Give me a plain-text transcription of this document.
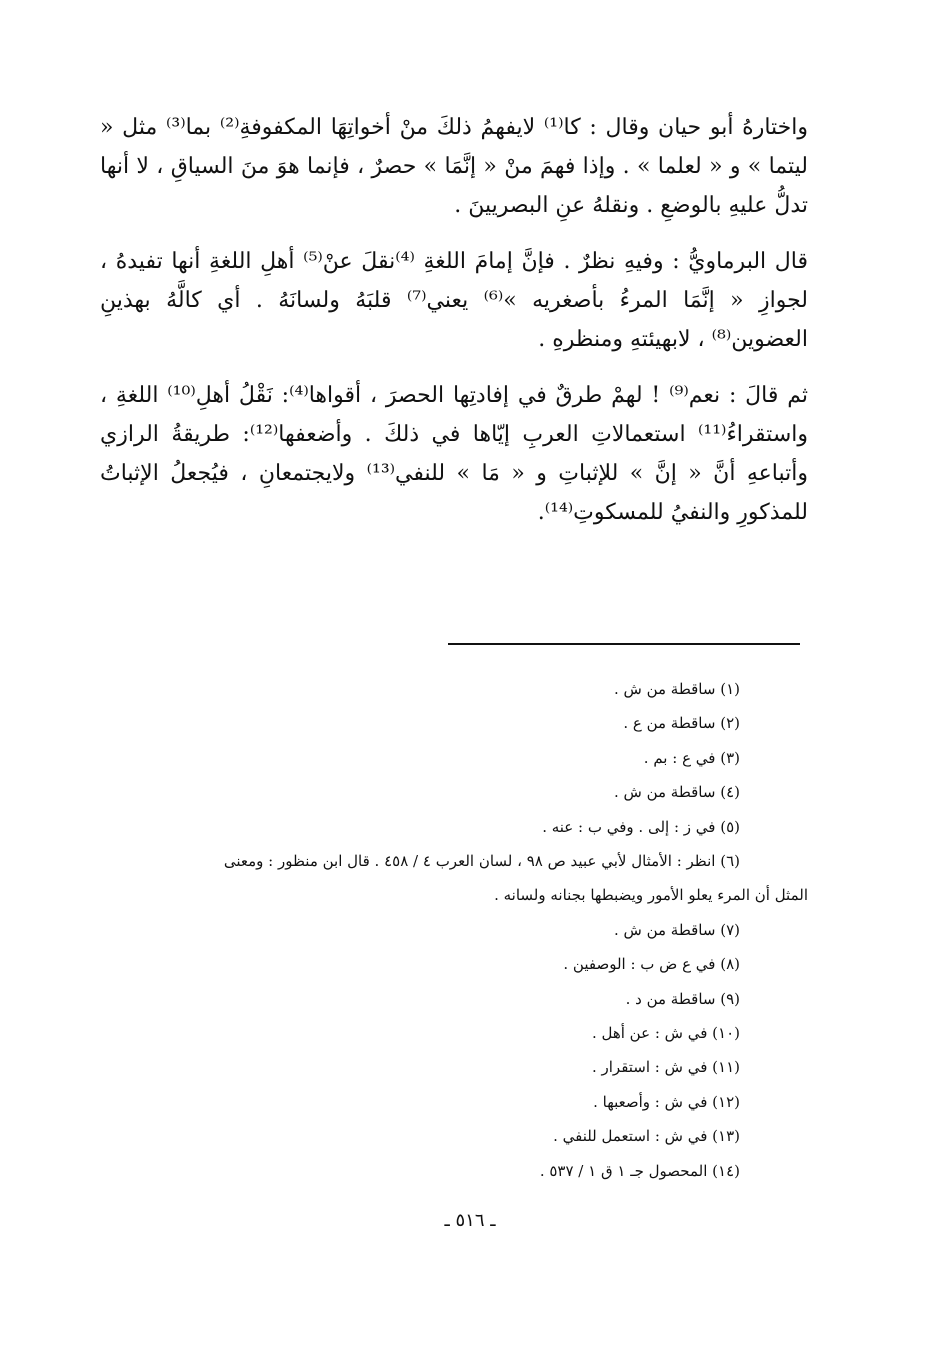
واختارهُ أبو حيان وقال : كا⁽¹⁾ لايفهمُ ذلكَ منْ أخواتِهَا المكفوفةِ⁽²⁾ بما⁽³⁾ مثل « ليتما » و « لعلما » . وإذا فهمَ منْ « إنَّمَا » حصرٌ ، فإنما هوَ منَ السياقِ ، لا أنها تدلُّ عليهِ بالوضعِ . ونقلهُ عنِ البصريينَ .

قال البرماويُّ : وفيهِ نظرٌ . فإنَّ إمامَ اللغةِ ⁽⁴⁾نقلَ عنْ⁽⁵⁾ أهلِ اللغةِ أنها تفيدهُ ، لجوازِ « إنَّمَا المرءُ بأصغريه »⁽⁶⁾ يعني⁽⁷⁾ قلبَهُ ولسانَهُ . أي كالَّهُ بهذينِ العضوين⁽⁸⁾ ، لابهيئتهِ ومنظرهِ .

ثم قالَ : نعم⁽⁹⁾ ! لهمْ طرقٌ في إفادتِها الحصرَ ، أقواها⁽⁴⁾: نَقْلُ أهلِ⁽¹⁰⁾ اللغةِ ، واستقراءُ⁽¹¹⁾ استعمالاتِ العربِ إيّاها في ذلكَ . وأضعفها⁽¹²⁾: طريقةُ الرازي وأتباعهِ أنَّ « إنَّ » للإثباتِ و « مَا » للنفي⁽¹³⁾ ولايجتمعانِ ، فيُجعلُ الإثباتُ للمذكورِ والنفيُ للمسكوتِ⁽¹⁴⁾.

(١) ساقطة من ش .
(٢) ساقطة من ع .
(٣) في ع : بم .
(٤) ساقطة من ش .
(٥) في ز : إلى . وفي ب : عنه .
(٦) انظر : الأمثال لأبي عبيد ص ٩٨ ، لسان العرب ٤ / ٤٥٨ . قال ابن منظور : ومعنى
المثل أن المرء يعلو الأمور ويضبطها بجنانه ولسانه .
(٧) ساقطة من ش .
(٨) في ع ض ب : الوصفين .
(٩) ساقطة من د .
(١٠) في ش : عن أهل .
(١١) في ش : استقرار .
(١٢) في ش : وأصعبها .
(١٣) في ش : استعمل للنفي .
(١٤) المحصول جـ ١ ق ١ / ٥٣٧ .
ـ ٥١٦ ـ
